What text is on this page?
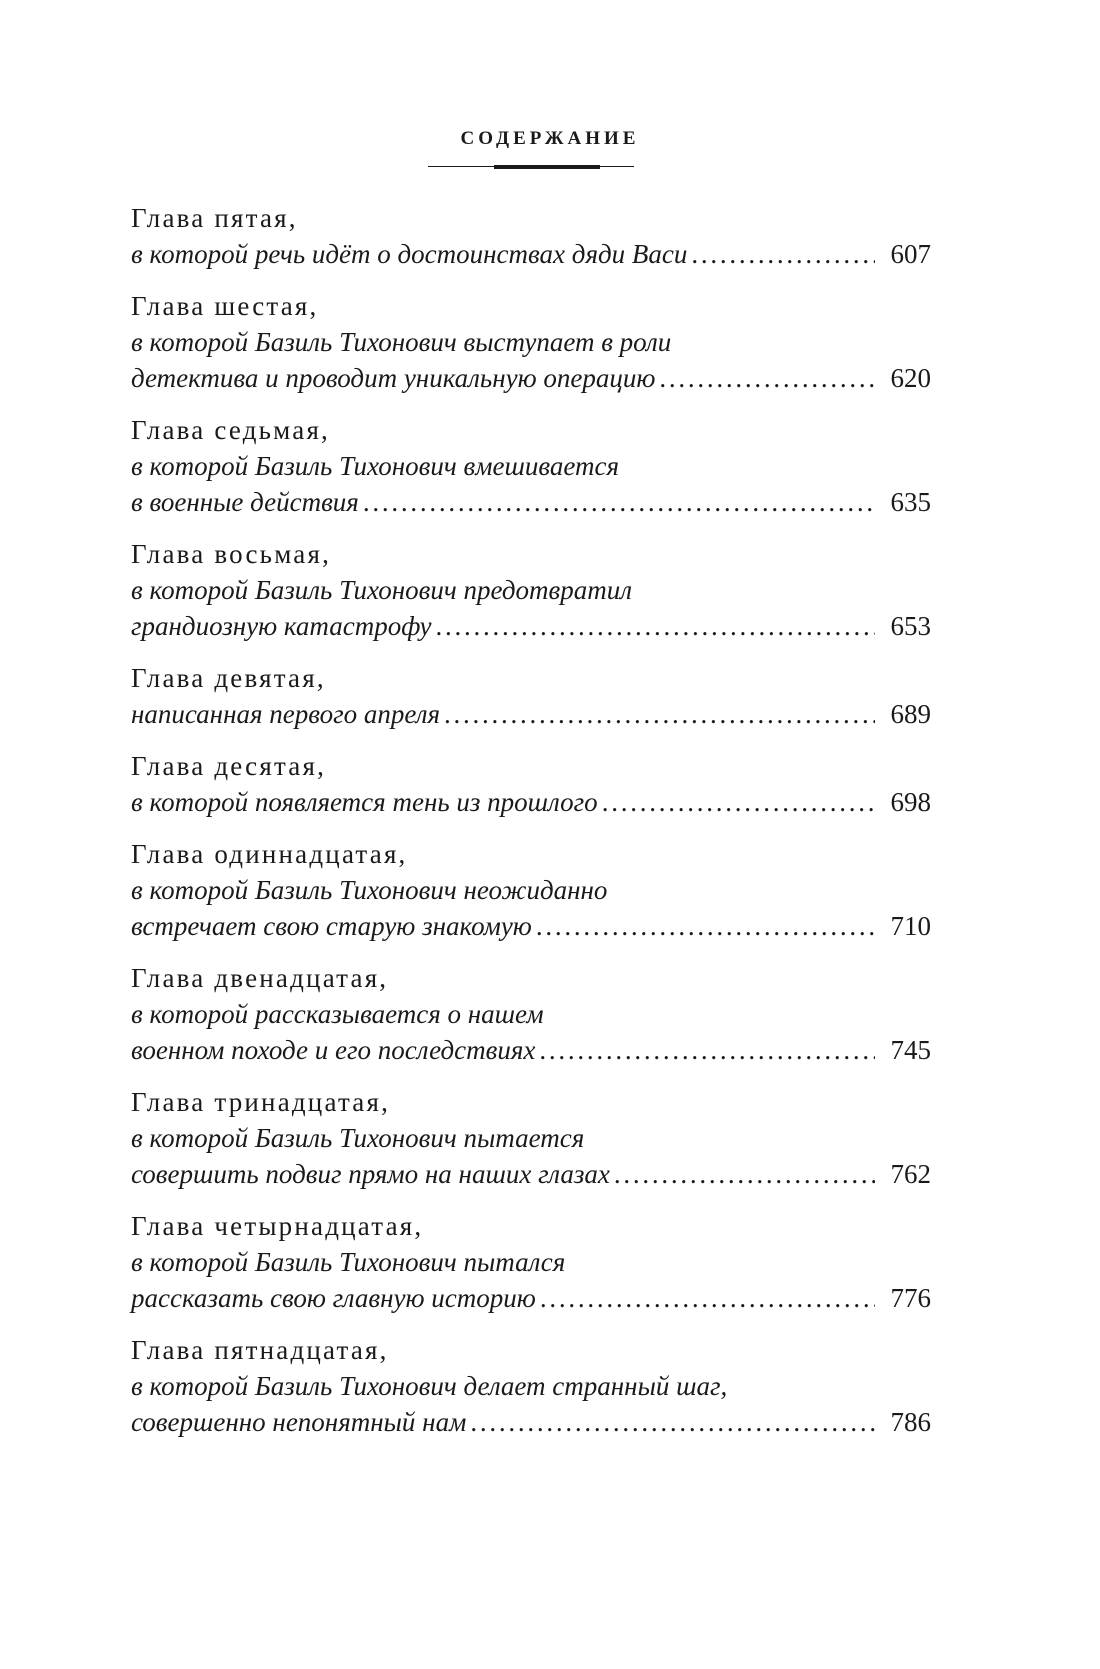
СОДЕРЖАНИЕ
Глава пятая,
в которой речь идёт о достоинствах дяди Васи . . .	607
Глава шестая,
в которой Базиль Тихонович выступает в роли
детектива и проводит уникальную операцию . . .	620
Глава седьмая,
в которой Базиль Тихонович вмешивается
в военные действия . . .	635
Глава восьмая,
в которой Базиль Тихонович предотвратил
грандиозную катастрофу . . .	653
Глава девятая,
написанная первого апреля . . .	689
Глава десятая,
в которой появляется тень из прошлого . . .	698
Глава одиннадцатая,
в которой Базиль Тихонович неожиданно
встречает свою старую знакомую . . .	710
Глава двенадцатая,
в которой рассказывается о нашем
военном походе и его последствиях . . .	745
Глава тринадцатая,
в которой Базиль Тихонович пытается
совершить подвиг прямо на наших глазах . . .	762
Глава четырнадцатая,
в которой Базиль Тихонович пытался
рассказать свою главную историю . . .	776
Глава пятнадцатая,
в которой Базиль Тихонович делает странный шаг,
совершенно непонятный нам . . .	786
